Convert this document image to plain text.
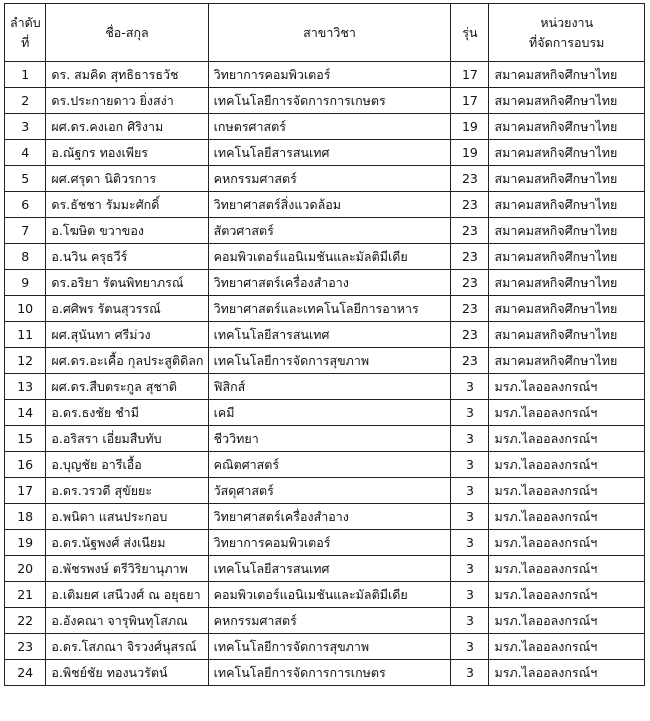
ลำดับ
ที่	ชื่อ-สกุล	สาขาวิชา	รุ่น	หน่วยงาน
ที่จัดการอบรม

1	ดร. สมคิด สุทธิธารธวัช	วิทยาการคอมพิวเตอร์	17	สมาคมสหกิจศึกษาไทย
2	ดร.ประกายดาว ยิ่งสง่า	เทคโนโลยีการจัดการการเกษตร	17	สมาคมสหกิจศึกษาไทย
3	ผศ.ดร.คงเอก ศิริงาม	เกษตรศาสตร์	19	สมาคมสหกิจศึกษาไทย
4	อ.ณัฐกร ทองเพียร	เทคโนโลยีสารสนเทศ	19	สมาคมสหกิจศึกษาไทย
5	ผศ.ศรุดา นิติวรการ	คหกรรมศาสตร์	23	สมาคมสหกิจศึกษาไทย
6	ดร.ธัชชา รัมมะศักดิ์	วิทยาศาสตร์สิ่งแวดล้อม	23	สมาคมสหกิจศึกษาไทย
7	อ.โฆษิต ขวาของ	สัตวศาสตร์	23	สมาคมสหกิจศึกษาไทย
8	อ.นวิน ครุธวีร์	คอมพิวเตอร์แอนิเมชันและมัลติมีเดีย	23	สมาคมสหกิจศึกษาไทย
9	ดร.อริยา รัตนพิทยาภรณ์	วิทยาศาสตร์เครื่องสำอาง	23	สมาคมสหกิจศึกษาไทย
10	อ.ศศิพร รัตนสุวรรณ์	วิทยาศาสตร์และเทคโนโลยีการอาหาร	23	สมาคมสหกิจศึกษาไทย
11	ผศ.สุนันทา ศรีม่วง	เทคโนโลยีสารสนเทศ	23	สมาคมสหกิจศึกษาไทย
12	ผศ.ดร.อะเคื้อ กุลประสูติดิลก	เทคโนโลยีการจัดการสุขภาพ	23	สมาคมสหกิจศึกษาไทย
13	ผศ.ดร.สืบตระกูล สุชาติ	ฟิสิกส์	3	มรภ.ไลออลงกรณ์ฯ
14	อ.ดร.ธงชัย ชำมี	เคมี	3	มรภ.ไลออลงกรณ์ฯ
15	อ.อริสรา เอี่ยมสืบทับ	ชีววิทยา	3	มรภ.ไลออลงกรณ์ฯ
16	อ.บุญชัย อารีเอื้อ	คณิตศาสตร์	3	มรภ.ไลออลงกรณ์ฯ
17	อ.ดร.วรวดี สุขัยยะ	วัสดุศาสตร์	3	มรภ.ไลออลงกรณ์ฯ
18	อ.พนิดา แสนประกอบ	วิทยาศาสตร์เครื่องสำอาง	3	มรภ.ไลออลงกรณ์ฯ
19	อ.ดร.นัฐพงศ์ ส่งเนียม	วิทยาการคอมพิวเตอร์	3	มรภ.ไลออลงกรณ์ฯ
20	อ.พัชรพงษ์ ตรีวิริยานุภาพ	เทคโนโลยีสารสนเทศ	3	มรภ.ไลออลงกรณ์ฯ
21	อ.เติมยศ เสนีวงศ์ ณ อยุธยา	คอมพิวเตอร์แอนิเมชันและมัลติมีเดีย	3	มรภ.ไลออลงกรณ์ฯ
22	อ.อังคณา จารุพินทุโสภณ	คหกรรมศาสตร์	3	มรภ.ไลออลงกรณ์ฯ
23	อ.ดร.โสภณา จิรวงศ์นุสรณ์	เทคโนโลยีการจัดการสุขภาพ	3	มรภ.ไลออลงกรณ์ฯ
24	อ.พิชย์ชัย ทองนวรัตน์	เทคโนโลยีการจัดการการเกษตร	3	มรภ.ไลออลงกรณ์ฯ
